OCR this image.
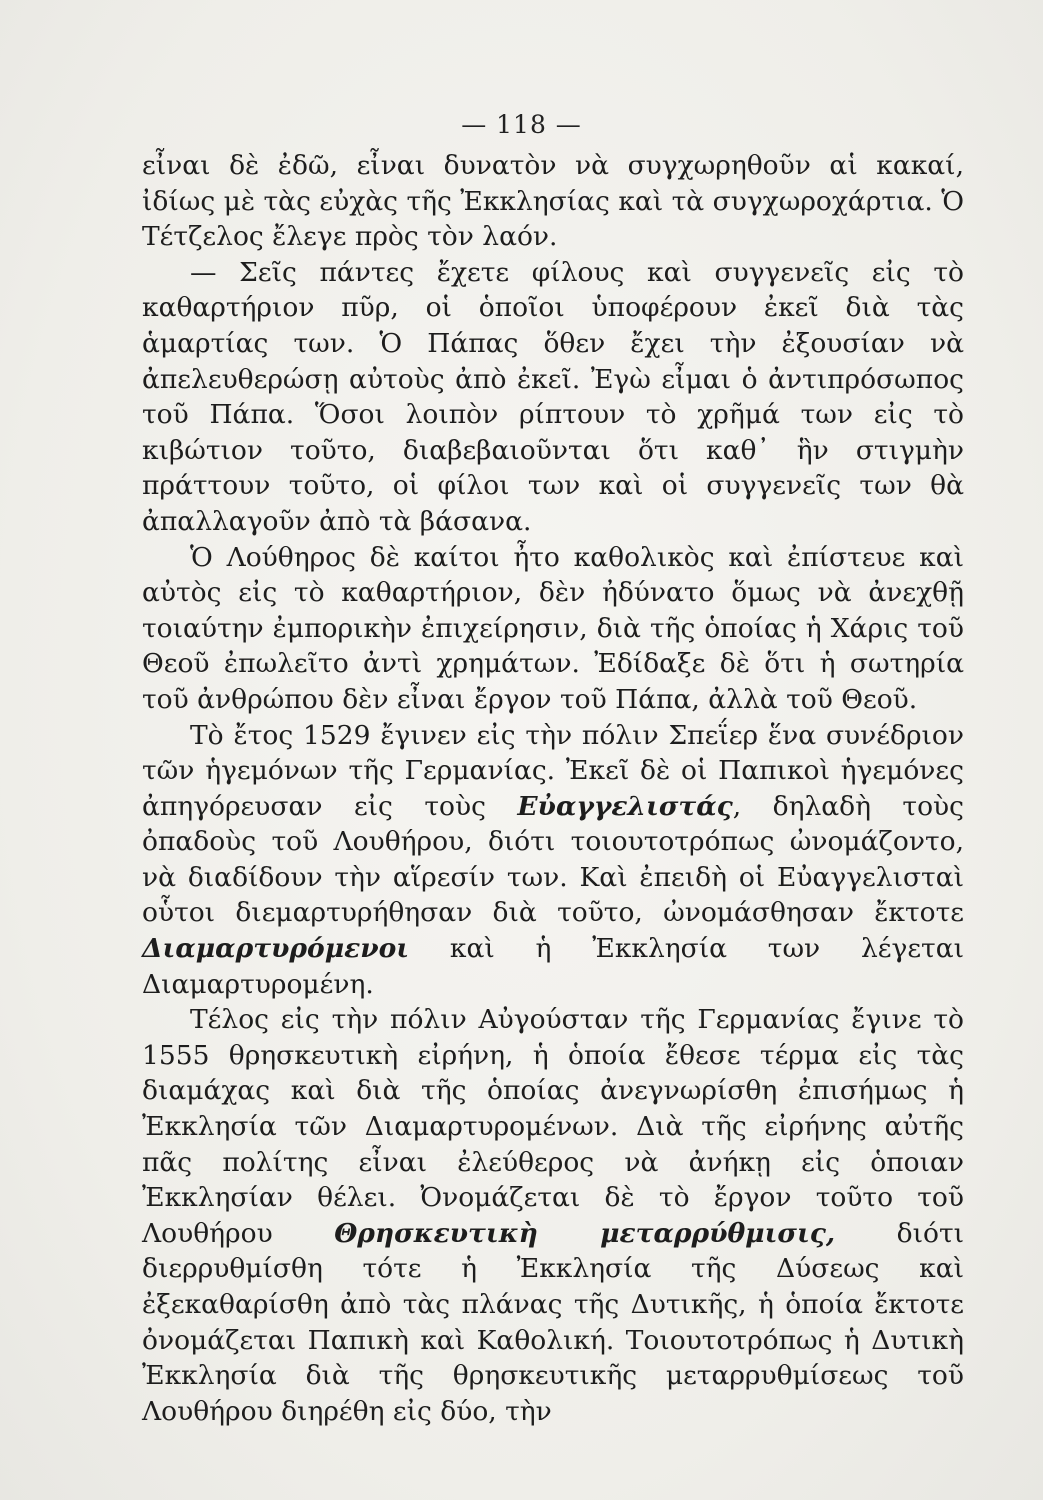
— 118 —

εἶναι δὲ ἐδῶ, εἶναι δυνατὸν νὰ συγχωρηθοῦν αἱ κακαί, ἰδίως μὲ τὰς εὐχὰς τῆς Ἐκκλησίας καὶ τὰ συγχωροχάρτια. Ὁ Τέτζελος ἔλεγε πρὸς τὸν λαόν.

— Σεῖς πάντες ἔχετε φίλους καὶ συγγενεῖς εἰς τὸ καθαρτήριον πῦρ, οἱ ὁποῖοι ὑποφέρουν ἐκεῖ διὰ τὰς ἁμαρτίας των. Ὁ Πάπας ὅθεν ἔχει τὴν ἐξουσίαν νὰ ἀπελευθερώσῃ αὐτοὺς ἀπὸ ἐκεῖ. Ἐγὼ εἶμαι ὁ ἀντιπρόσωπος τοῦ Πάπα. Ὅσοι λοιπὸν ρίπτουν τὸ χρῆμά των εἰς τὸ κιβώτιον τοῦτο, διαβεβαιοῦνται ὅτι καθ᾽ ἣν στιγμὴν πράττουν τοῦτο, οἱ φίλοι των καὶ οἱ συγγενεῖς των θὰ ἀπαλλαγοῦν ἀπὸ τὰ βάσανα.

Ὁ Λούθηρος δὲ καίτοι ἦτο καθολικὸς καὶ ἐπίστευε καὶ αὐτὸς εἰς τὸ καθαρτήριον, δὲν ἠδύνατο ὅμως νὰ ἀνεχθῇ τοιαύτην ἐμπορικὴν ἐπιχείρησιν, διὰ τῆς ὁποίας ἡ Χάρις τοῦ Θεοῦ ἐπωλεῖτο ἀντὶ χρημάτων. Ἐδίδαξε δὲ ὅτι ἡ σωτηρία τοῦ ἀνθρώπου δὲν εἶναι ἔργον τοῦ Πάπα, ἀλλὰ τοῦ Θεοῦ.

Τὸ ἔτος 1529 ἔγινεν εἰς τὴν πόλιν Σπεΐερ ἕνα συνέδριον τῶν ἡγεμόνων τῆς Γερμανίας. Ἐκεῖ δὲ οἱ Παπικοὶ ἡγεμόνες ἀπηγόρευσαν εἰς τοὺς Εὐαγγελιστάς, δηλαδὴ τοὺς ὀπαδοὺς τοῦ Λουθήρου, διότι τοιουτοτρόπως ὠνομάζοντο, νὰ διαδίδουν τὴν αἵρεσίν των. Καὶ ἐπειδὴ οἱ Εὐαγγελισταὶ οὗτοι διεμαρτυρήθησαν διὰ τοῦτο, ὠνομάσθησαν ἔκτοτε Διαμαρτυρόμενοι καὶ ἡ Ἐκκλησία των λέγεται Διαμαρτυρομένη.

Τέλος εἰς τὴν πόλιν Αὐγούσταν τῆς Γερμανίας ἔγινε τὸ 1555 θρησκευτικὴ εἰρήνη, ἡ ὁποία ἔθεσε τέρμα εἰς τὰς διαμάχας καὶ διὰ τῆς ὁποίας ἀνεγνωρίσθη ἐπισήμως ἡ Ἐκκλησία τῶν Διαμαρτυρομένων. Διὰ τῆς εἰρήνης αὐτῆς πᾶς πολίτης εἶναι ἐλεύθερος νὰ ἀνήκῃ εἰς ὁποιαν Ἐκκλησίαν θέλει. Ὀνομάζεται δὲ τὸ ἔργον τοῦτο τοῦ Λουθήρου Θρησκευτικὴ μεταρρύθμισις, διότι διερρυθμίσθη τότε ἡ Ἐκκλησία τῆς Δύσεως καὶ ἐξεκαθαρίσθη ἀπὸ τὰς πλάνας τῆς Δυτικῆς, ἡ ὁποία ἔκτοτε ὀνομάζεται Παπικὴ καὶ Καθολική. Τοιουτοτρόπως ἡ Δυτικὴ Ἐκκλησία διὰ τῆς θρησκευτικῆς μεταρρυθμίσεως τοῦ Λουθήρου διηρέθη εἰς δύο, τὴν
